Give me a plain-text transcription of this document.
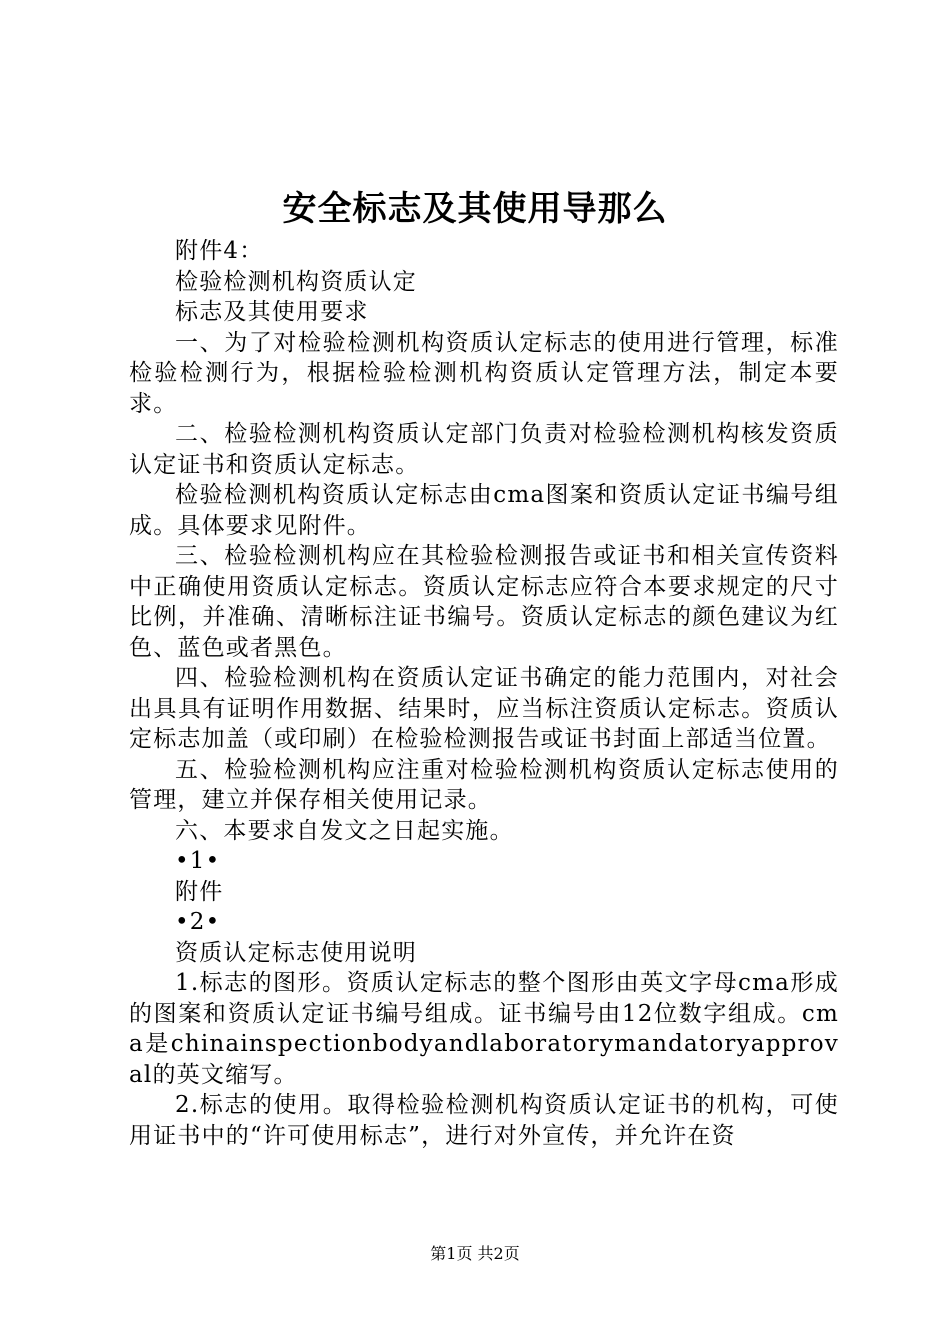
安全标志及其使用导那么

附件4：

检验检测机构资质认定

标志及其使用要求

一、为了对检验检测机构资质认定标志的使用进行管理，标准检验检测行为，根据检验检测机构资质认定管理方法，制定本要求。

二、检验检测机构资质认定部门负责对检验检测机构核发资质认定证书和资质认定标志。

检验检测机构资质认定标志由cma图案和资质认定证书编号组成。具体要求见附件。

三、检验检测机构应在其检验检测报告或证书和相关宣传资料中正确使用资质认定标志。资质认定标志应符合本要求规定的尺寸比例，并准确、清晰标注证书编号。资质认定标志的颜色建议为红色、蓝色或者黑色。

四、检验检测机构在资质认定证书确定的能力范围内，对社会出具具有证明作用数据、结果时，应当标注资质认定标志。资质认定标志加盖（或印刷）在检验检测报告或证书封面上部适当位置。

五、检验检测机构应注重对检验检测机构资质认定标志使用的管理，建立并保存相关使用记录。

六、本要求自发文之日起实施。

•1•

附件

•2•

资质认定标志使用说明

1.标志的图形。资质认定标志的整个图形由英文字母cma形成的图案和资质认定证书编号组成。证书编号由12位数字组成。cma是chinainspectionbodyandlaboratorymandatoryapproval的英文缩写。

2.标志的使用。取得检验检测机构资质认定证书的机构，可使用证书中的“许可使用标志”，进行对外宣传，并允许在资

第1页 共2页
